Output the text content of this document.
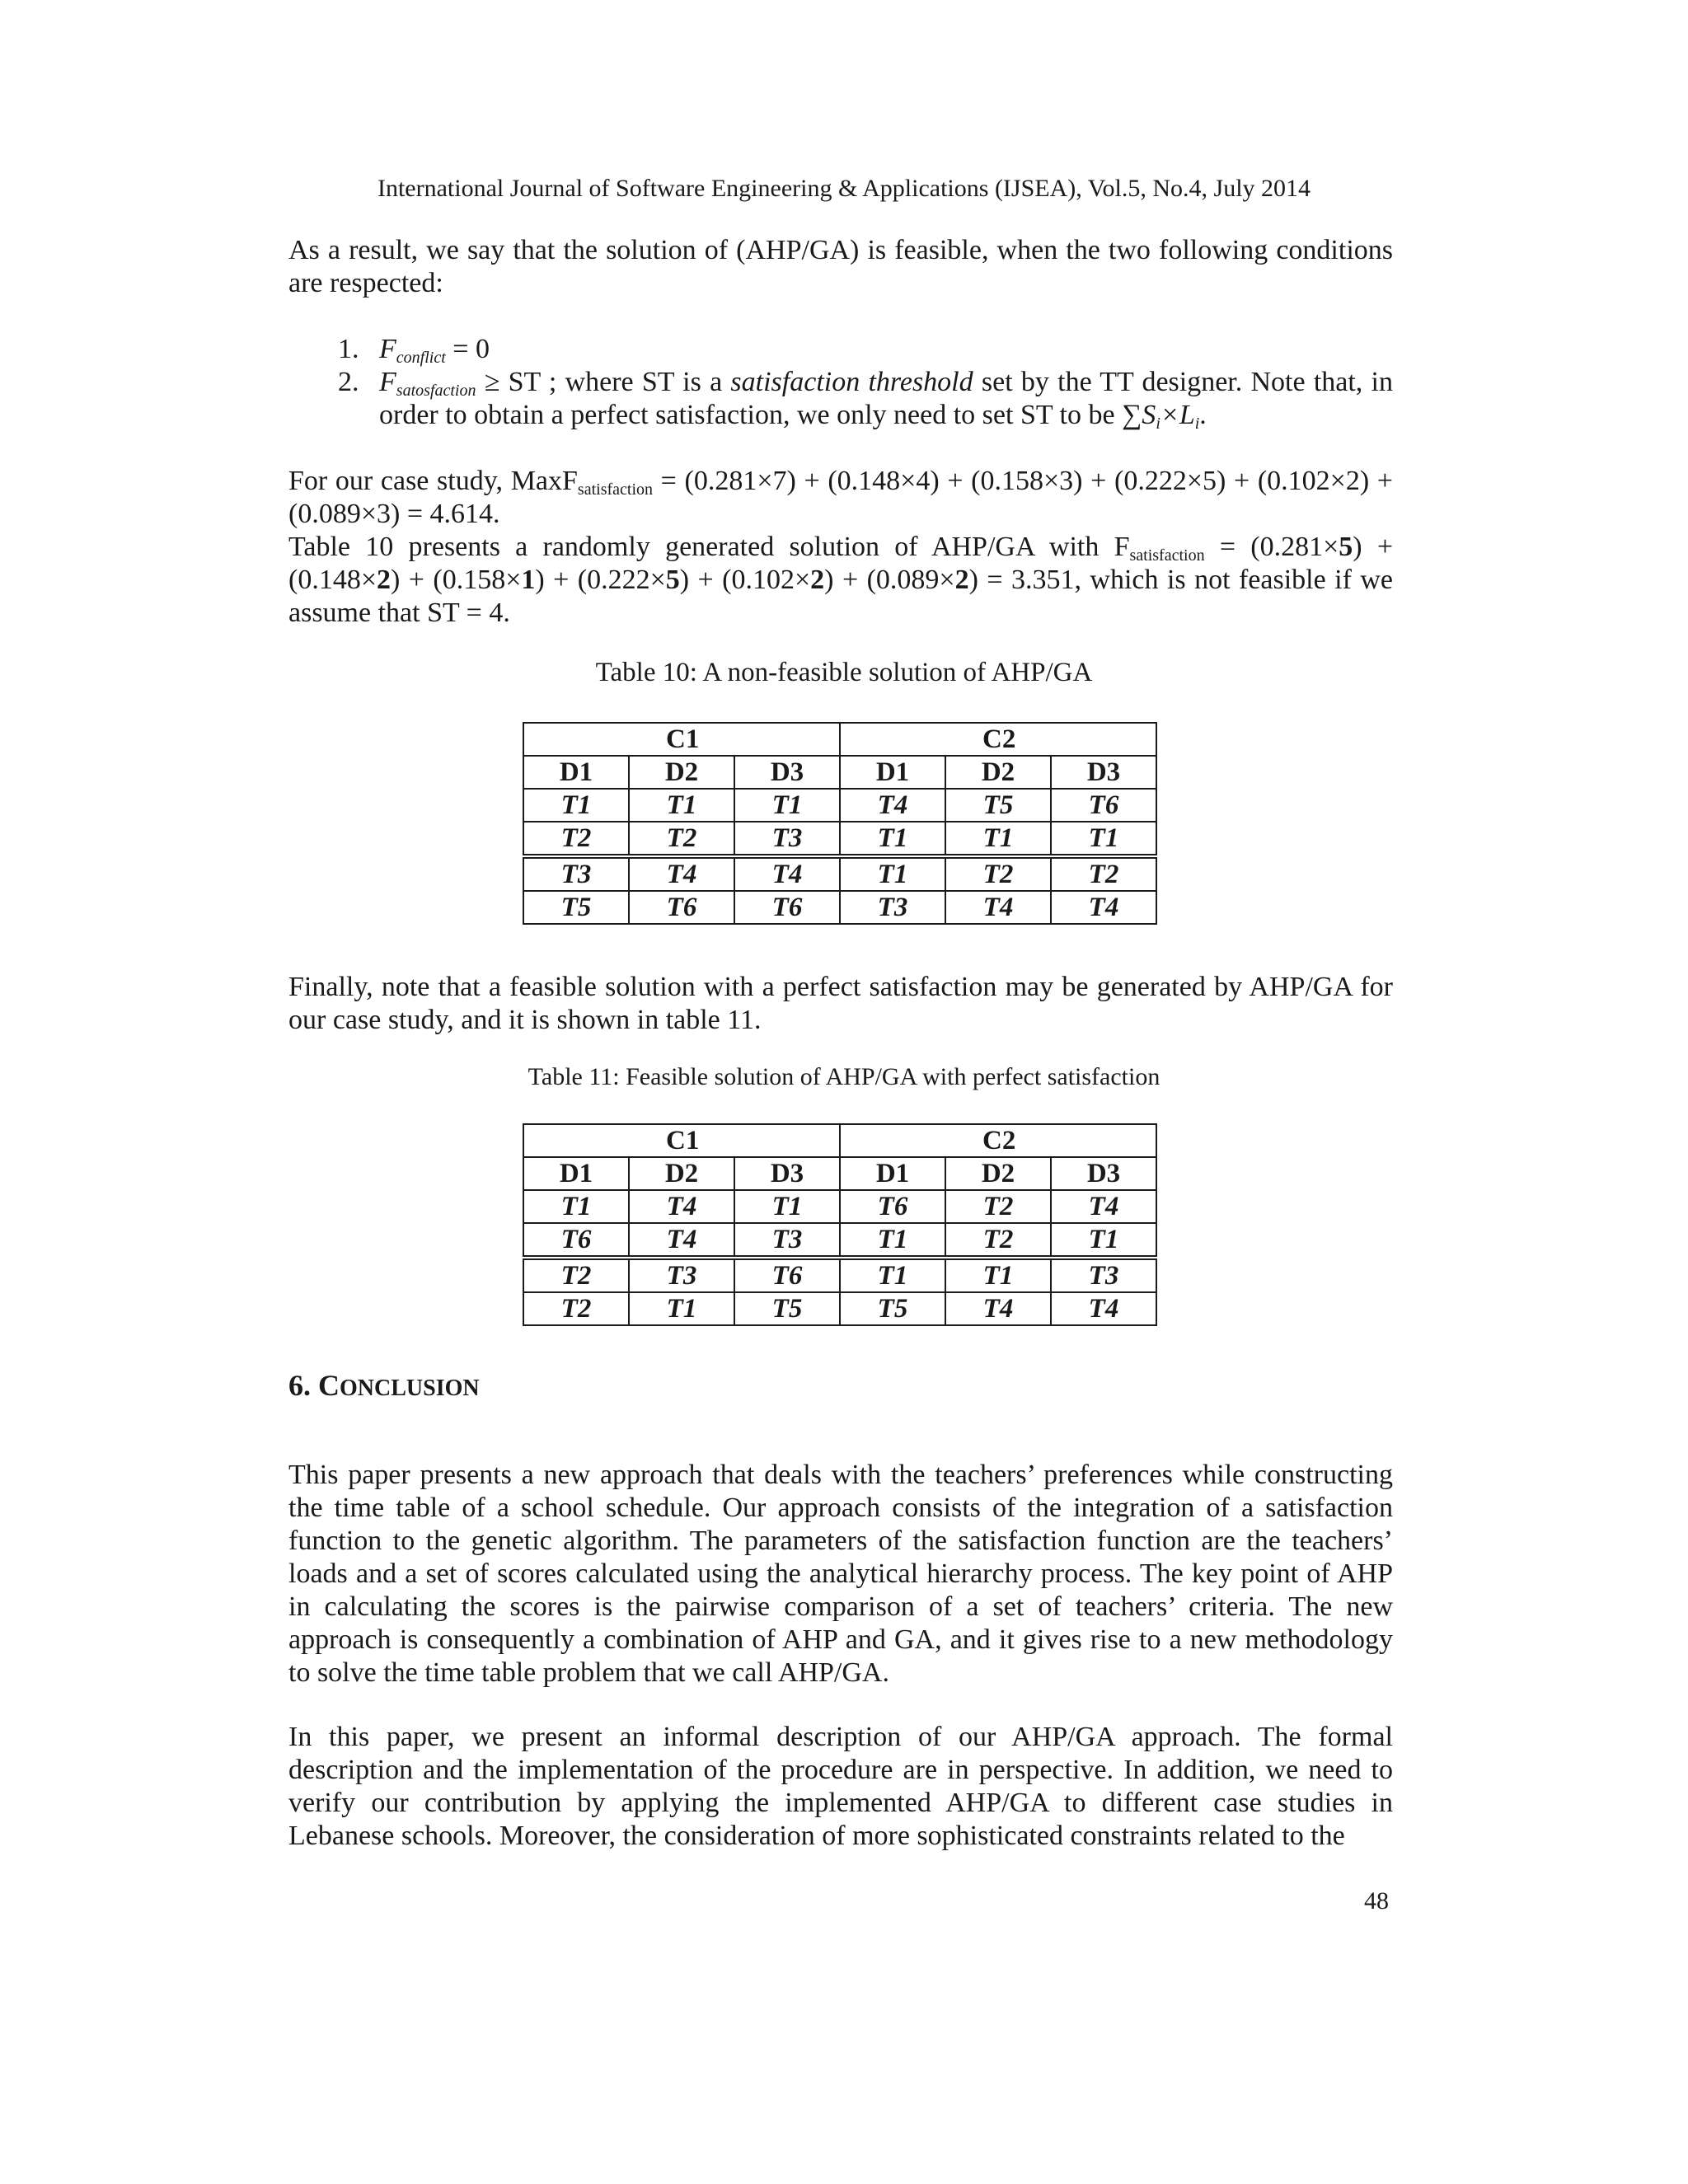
International Journal of Software Engineering & Applications (IJSEA), Vol.5, No.4, July 2014
As a result, we say that the solution of (AHP/GA) is feasible, when the two following conditions are respected:
1. $F_{conflict} = 0$
2. $F_{satosfaction}$ ≥ ST ; where ST is a satisfaction threshold set by the TT designer. Note that, in order to obtain a perfect satisfaction, we only need to set ST to be $\sum S_i\times L_i$.
For our case study, MaxF$_{satisfaction}$ = (0.281×7) + (0.148×4) + (0.158×3) + (0.222×5) + (0.102×2) + (0.089×3) = 4.614.
Table 10 presents a randomly generated solution of AHP/GA with $F_{satisfaction} = (0.281\times 5) + (0.148\times 2) + (0.158\times 1) + (0.222\times 5) + (0.102\times 2) + (0.089\times 2) = 3.351$, which is not feasible if we assume that ST = 4.
Table 10: A non-feasible solution of AHP/GA
C1			C2		
D1	D2	D3	D1	D2	D3
T1	T1	T1	T4	T5	T6
T2	T2	T3	T1	T1	T1
T3	T4	T4	T1	T2	T2
T5	T6	T6	T3	T4	T4
Finally, note that a feasible solution with a perfect satisfaction may be generated by AHP/GA for our case study, and it is shown in table 11.
Table 11: Feasible solution of AHP/GA with perfect satisfaction
C1			C2		
D1	D2	D3	D1	D2	D3
T1	T4	T1	T6	T2	T4
T6	T4	T3	T1	T2	T1
T2	T3	T6	T1	T1	T3
T2	T1	T5	T5	T4	T4
6. CONCLUSION
This paper presents a new approach that deals with the teachers’ preferences while constructing the time table of a school schedule. Our approach consists of the integration of a satisfaction function to the genetic algorithm. The parameters of the satisfaction function are the teachers’ loads and a set of scores calculated using the analytical hierarchy process. The key point of AHP in calculating the scores is the pairwise comparison of a set of teachers’ criteria. The new approach is consequently a combination of AHP and GA, and it gives rise to a new methodology to solve the time table problem that we call AHP/GA.
In this paper, we present an informal description of our AHP/GA approach. The formal description and the implementation of the procedure are in perspective. In addition, we need to verify our contribution by applying the implemented AHP/GA to different case studies in Lebanese schools. Moreover, the consideration of more sophisticated constraints related to the
48
